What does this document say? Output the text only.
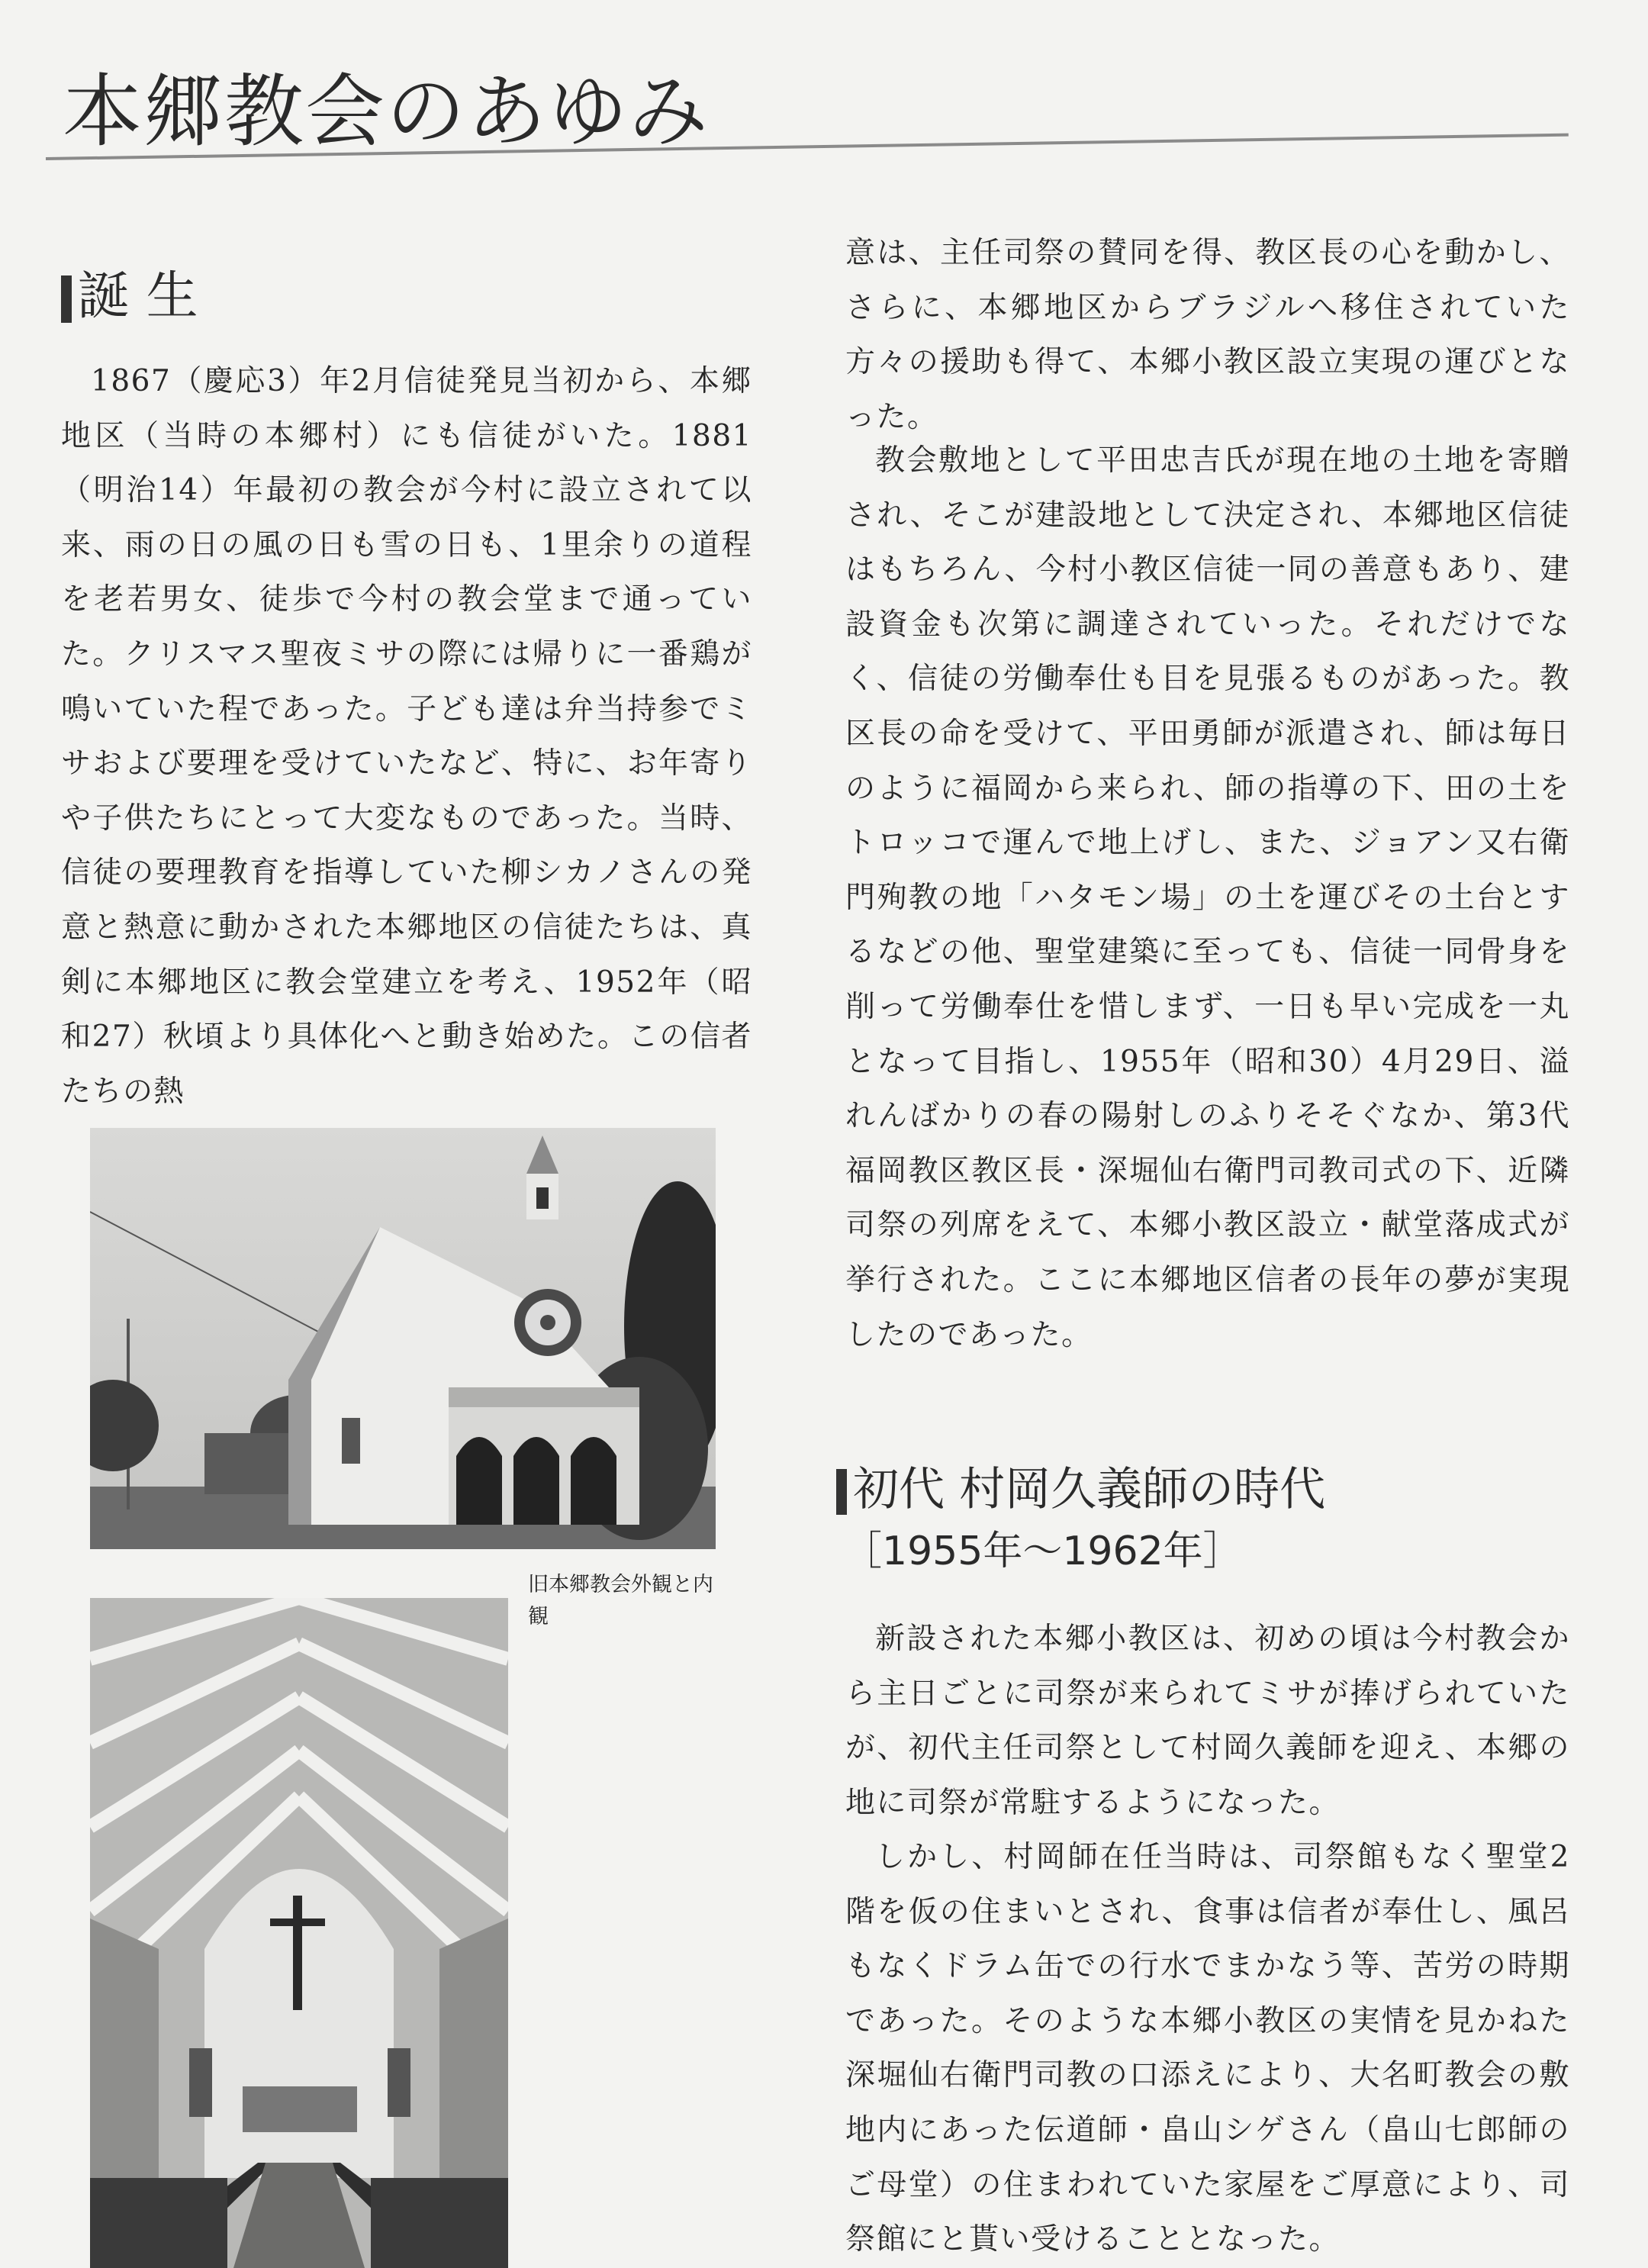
本郷教会のあゆみ
誕 生

1867（慶応3）年2月信徒発見当初から、本郷地区（当時の本郷村）にも信徒がいた。1881（明治14）年最初の教会が今村に設立されて以来、雨の日の風の日も雪の日も、1里余りの道程を老若男女、徒歩で今村の教会堂まで通っていた。クリスマス聖夜ミサの際には帰りに一番鶏が鳴いていた程であった。子ども達は弁当持参でミサおよび要理を受けていたなど、特に、お年寄りや子供たちにとって大変なものであった。当時、信徒の要理教育を指導していた柳シカノさんの発意と熱意に動かされた本郷地区の信徒たちは、真剣に本郷地区に教会堂建立を考え、1952年（昭和27）秋頃より具体化へと動き始めた。この信者たちの熱

意は、主任司祭の賛同を得、教区長の心を動かし、さらに、本郷地区からブラジルへ移住されていた方々の援助も得て、本郷小教区設立実現の運びとなった。

教会敷地として平田忠吉氏が現在地の土地を寄贈され、そこが建設地として決定され、本郷地区信徒はもちろん、今村小教区信徒一同の善意もあり、建設資金も次第に調達されていった。それだけでなく、信徒の労働奉仕も目を見張るものがあった。教区長の命を受けて、平田勇師が派遣され、師は毎日のように福岡から来られ、師の指導の下、田の土をトロッコで運んで地上げし、また、ジョアン又右衛門殉教の地「ハタモン場」の土を運びその土台とするなどの他、聖堂建築に至っても、信徒一同骨身を削って労働奉仕を惜しまず、一日も早い完成を一丸となって目指し、1955年（昭和30）4月29日、溢れんばかりの春の陽射しのふりそそぐなか、第3代福岡教区教区長・深堀仙右衛門司教司式の下、近隣司祭の列席をえて、本郷小教区設立・献堂落成式が挙行された。ここに本郷地区信者の長年の夢が実現したのであった。

初代 村岡久義師の時代
［1955年～1962年］

新設された本郷小教区は、初めの頃は今村教会から主日ごとに司祭が来られてミサが捧げられていたが、初代主任司祭として村岡久義師を迎え、本郷の地に司祭が常駐するようになった。

しかし、村岡師在任当時は、司祭館もなく聖堂2階を仮の住まいとされ、食事は信者が奉仕し、風呂もなくドラム缶での行水でまかなう等、苦労の時期であった。そのような本郷小教区の実情を見かねた深堀仙右衛門司教の口添えにより、大名町教会の敷地内にあった伝道師・畠山シゲさん（畠山七郎師のご母堂）の住まわれていた家屋をご厚意により、司祭館にと貰い受けることとなった。

旧本郷教会外観と内観
